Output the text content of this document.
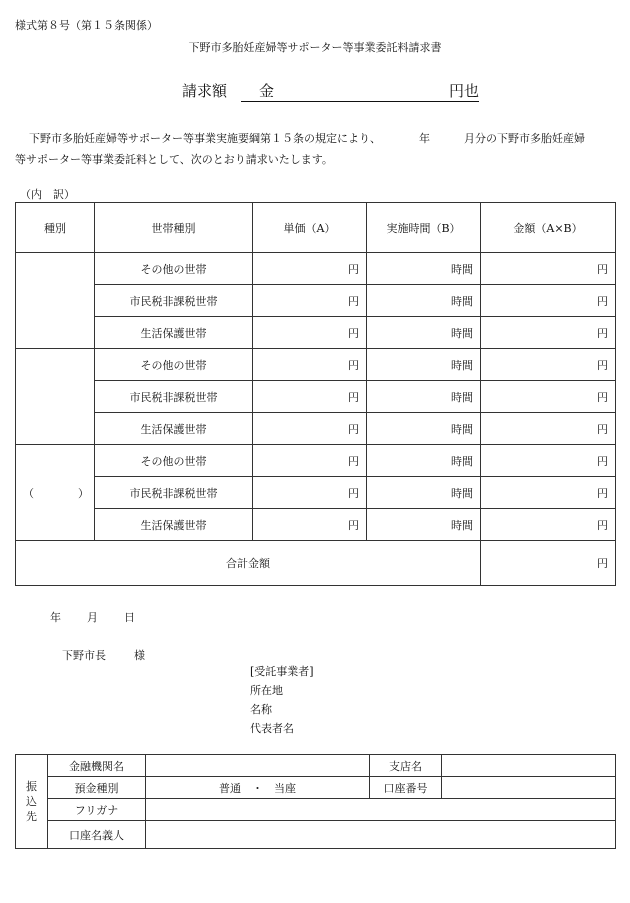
様式第８号（第１５条関係）
下野市多胎妊産婦等サポーター等事業委託料請求書
請求額 金	円也
下野市多胎妊産婦等サポーター等事業実施要綱第１５条の規定により、	年	月分の下野市多胎妊産婦
等サポーター等事業委託料として、次のとおり請求いたします。
（内　訳）
種別	世帯種別	単価（A）	実施時間（B）	金額（A×B）
	その他の世帯	円	時間	円
	市民税非課税世帯	円	時間	円
	生活保護世帯	円	時間	円
	その他の世帯	円	時間	円
	市民税非課税世帯	円	時間	円
	生活保護世帯	円	時間	円
（　　　　）	その他の世帯	円	時間	円
	市民税非課税世帯	円	時間	円
	生活保護世帯	円	時間	円
合計金額				円
年 月 日
下野市長	様
[受託事業者]
所在地
名称
代表者名
振
込
先	金融機関名		支店名	
	預金種別	普通　・　当座	口座番号	
	フリガナ			
	口座名義人			
